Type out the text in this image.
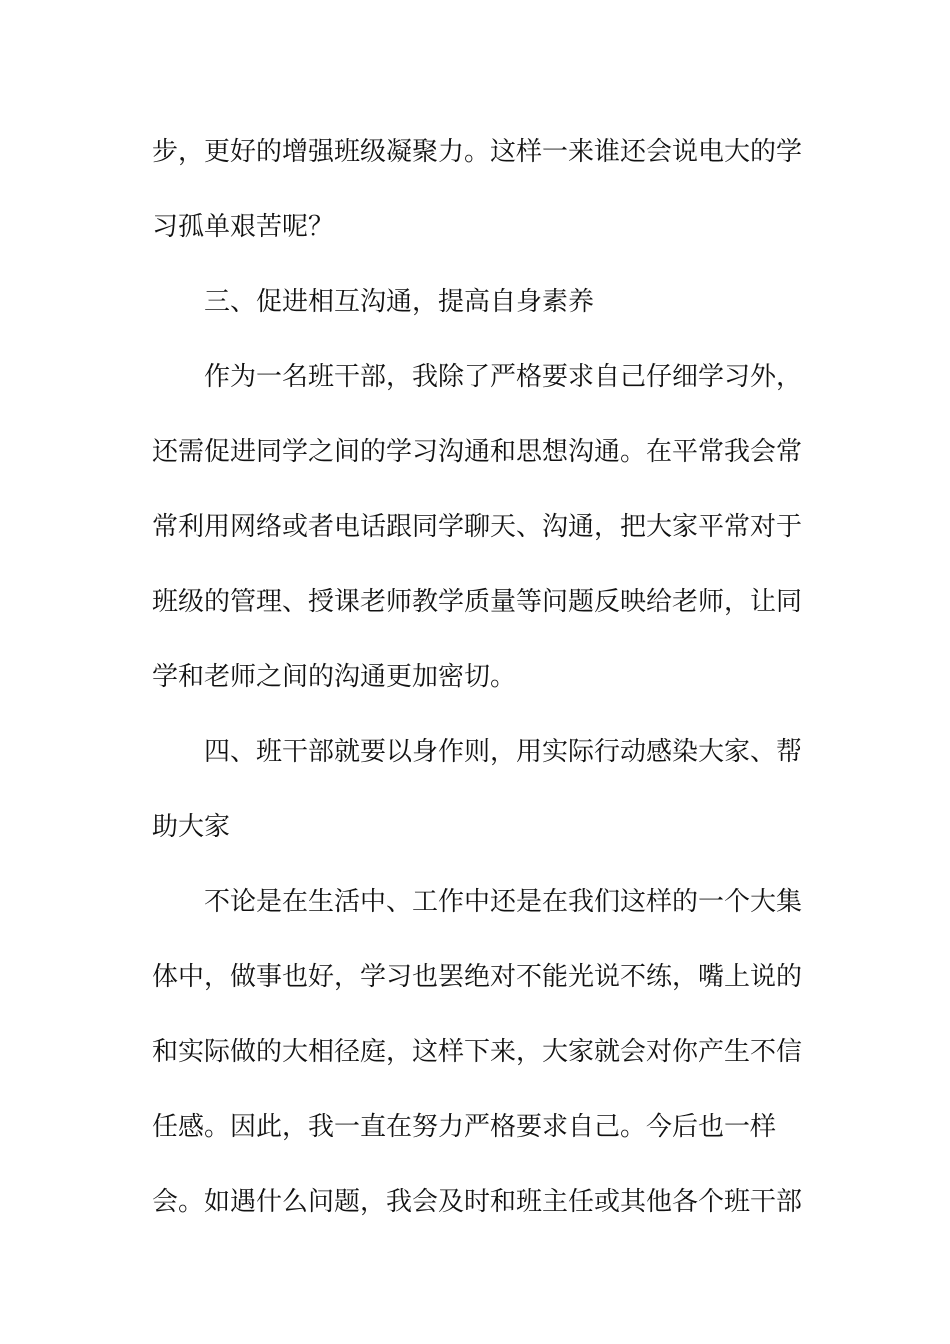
步，更好的增强班级凝聚力。这样一来谁还会说电大的学

习孤单艰苦呢？

三、促进相互沟通，提高自身素养

作为一名班干部，我除了严格要求自己仔细学习外，

还需促进同学之间的学习沟通和思想沟通。在平常我会常

常利用网络或者电话跟同学聊天、沟通，把大家平常对于

班级的管理、授课老师教学质量等问题反映给老师，让同

学和老师之间的沟通更加密切。

四、班干部就要以身作则，用实际行动感染大家、帮

助大家

不论是在生活中、工作中还是在我们这样的一个大集

体中，做事也好，学习也罢绝对不能光说不练，嘴上说的

和实际做的大相径庭，这样下来，大家就会对你产生不信

任感。因此，我一直在努力严格要求自己。今后也一样

会。如遇什么问题，我会及时和班主任或其他各个班干部
